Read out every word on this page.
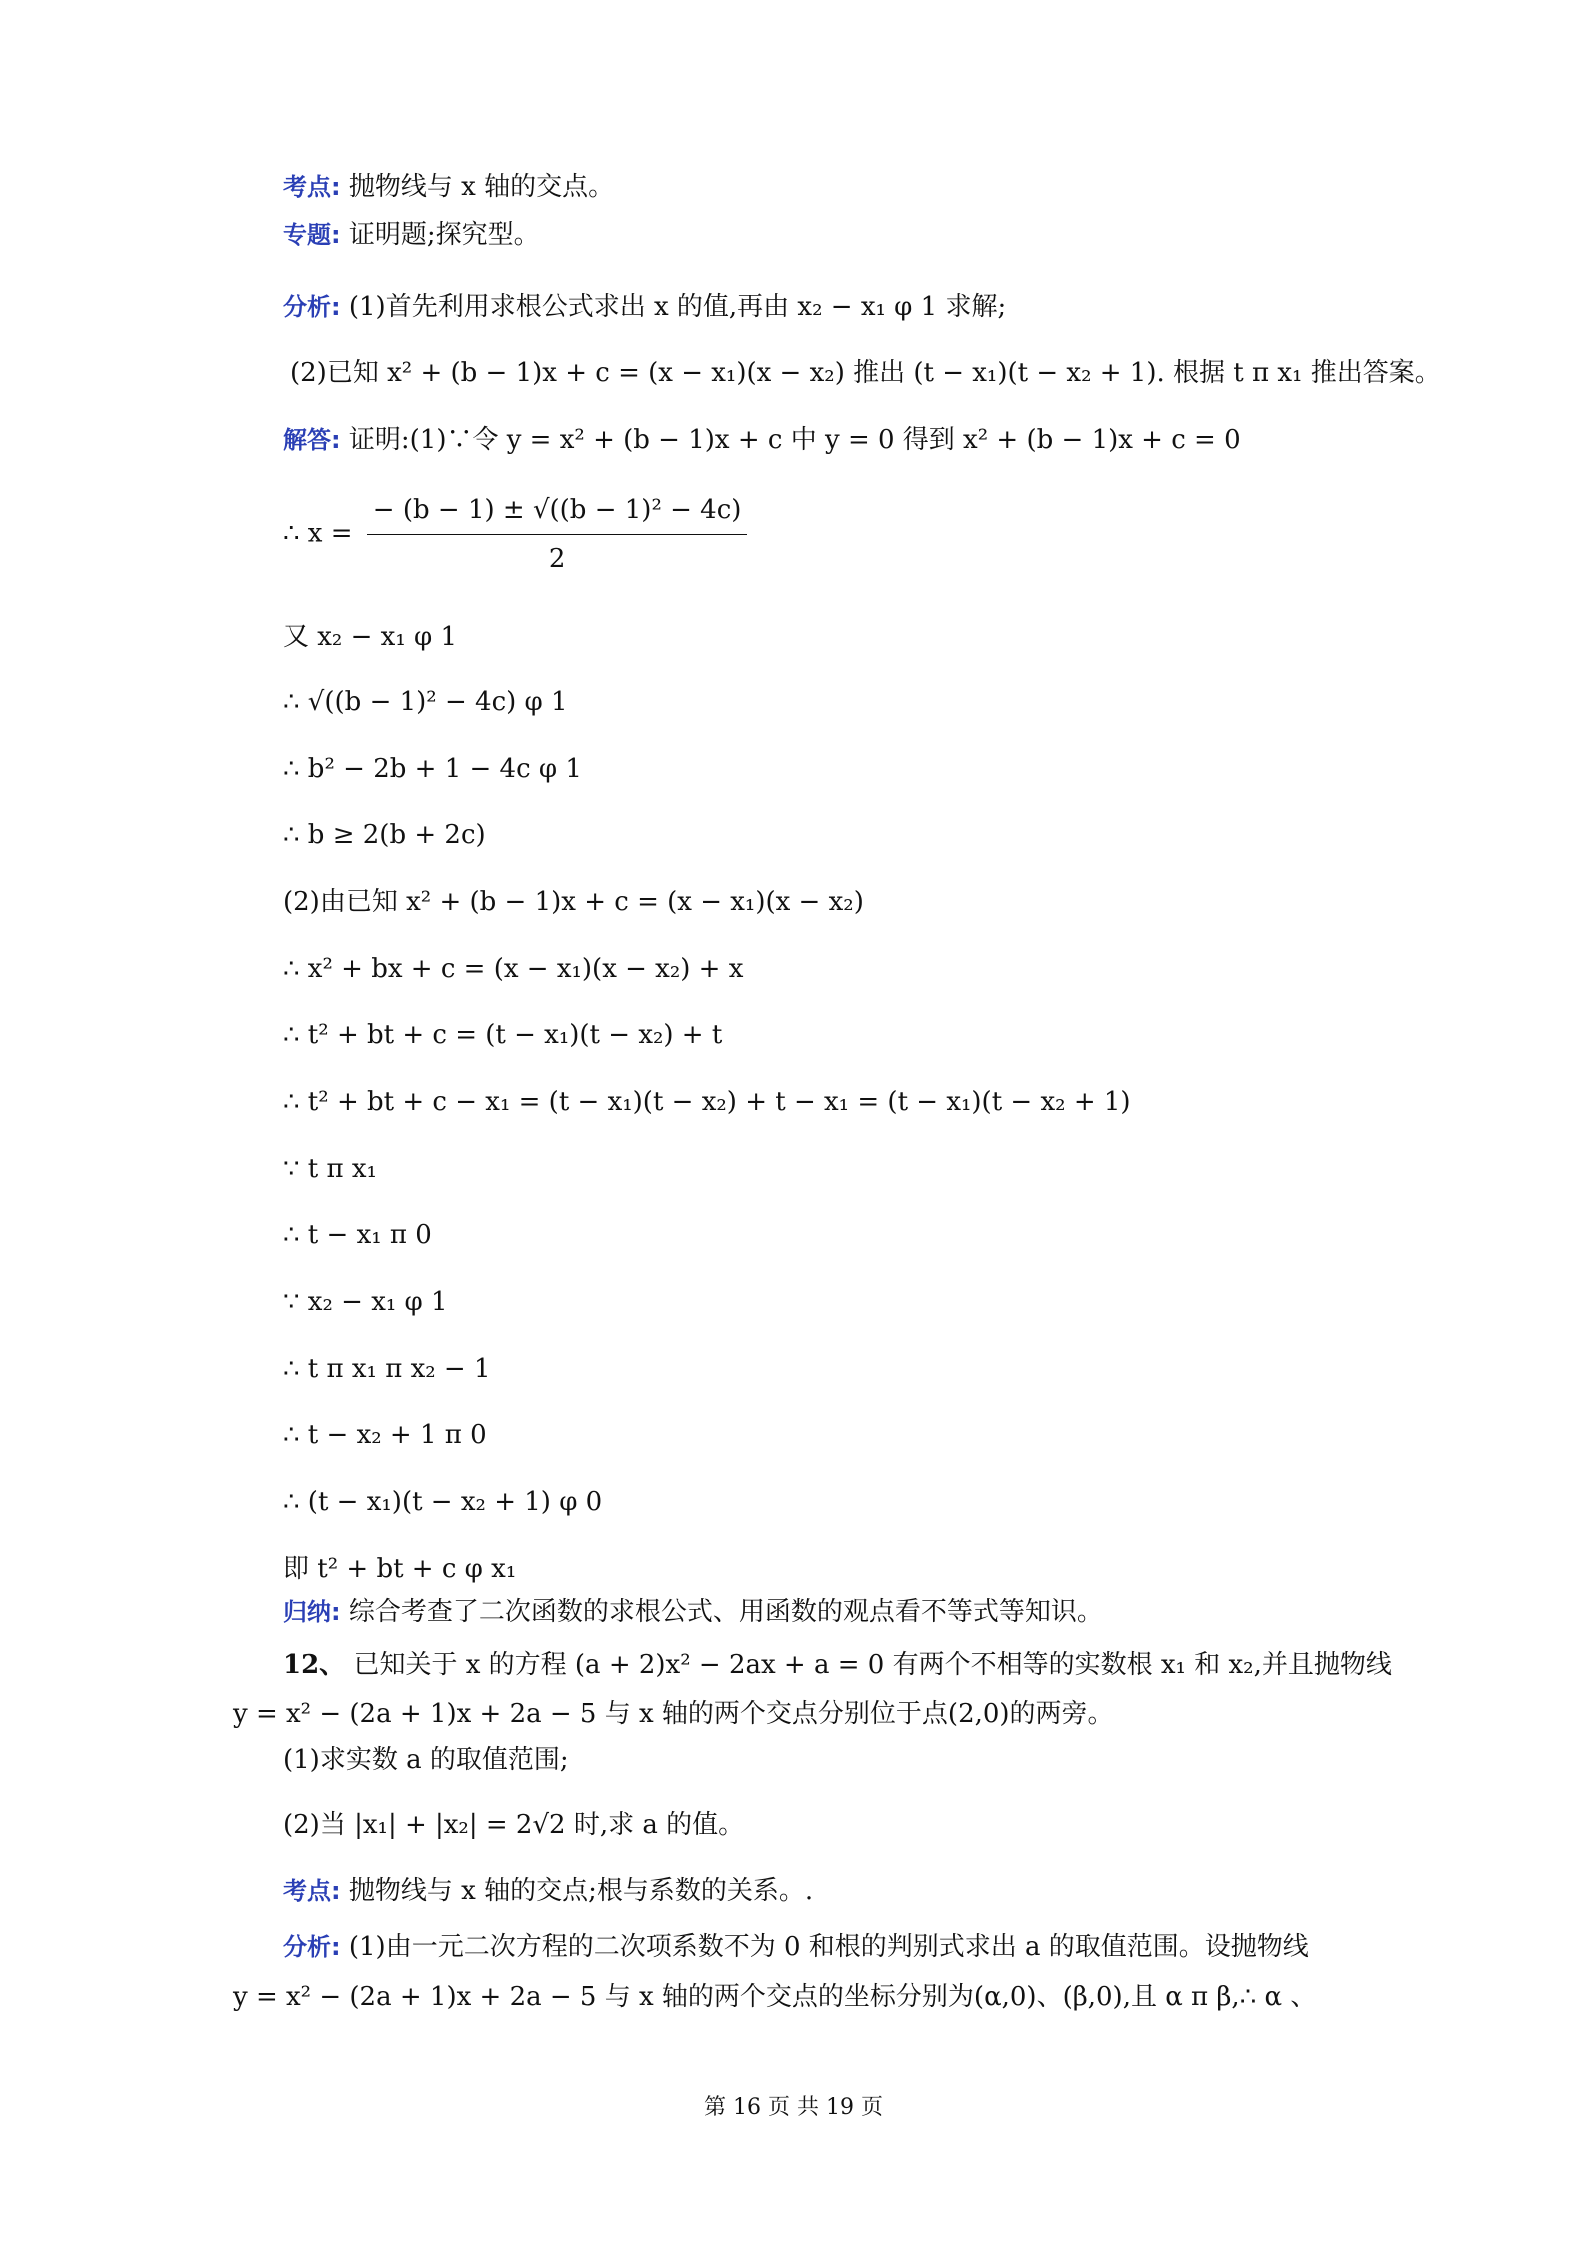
考点: 抛物线与 x 轴的交点。
专题: 证明题;探究型。
分析: (1)首先利用求根公式求出 x 的值,再由 x₂ − x₁ φ 1 求解;
(2)已知 x² + (b − 1)x + c = (x − x₁)(x − x₂) 推出 (t − x₁)(t − x₂ + 1). 根据 t π x₁ 推出答案。
解答: 证明:(1)∵令 y = x² + (b − 1)x + c 中 y = 0 得到 x² + (b − 1)x + c = 0
∴ $x = \frac{\text{− (b − 1) ± √((b − 1)² − 4c)}}{2}$
又 x₂ − x₁ φ 1
∴ √((b − 1)² − 4c) φ 1
∴ b² − 2b + 1 − 4c φ 1
∴ b ≥ 2(b + 2c)
(2)由已知 x² + (b − 1)x + c = (x − x₁)(x − x₂)
∴ x² + bx + c = (x − x₁)(x − x₂) + x
∴ t² + bt + c = (t − x₁)(t − x₂) + t
∴ t² + bt + c − x₁ = (t − x₁)(t − x₂) + t − x₁ = (t − x₁)(t − x₂ + 1)
∵ t π x₁
∴ t − x₁ π 0
∵ x₂ − x₁ φ 1
∴ t π x₁ π x₂ − 1
∴ t − x₂ + 1 π 0
∴ (t − x₁)(t − x₂ + 1) φ 0
即 t² + bt + c φ x₁
归纳: 综合考查了二次函数的求根公式、用函数的观点看不等式等知识。
12、 已知关于 x 的方程 (a + 2)x² − 2ax + a = 0 有两个不相等的实数根 x₁ 和 x₂,并且抛物线
y = x² − (2a + 1)x + 2a − 5 与 x 轴的两个交点分别位于点(2,0)的两旁。
(1)求实数 a 的取值范围;
(2)当 |x₁| + |x₂| = 2√2 时,求 a 的值。
考点: 抛物线与 x 轴的交点;根与系数的关系。.
分析: (1)由一元二次方程的二次项系数不为 0 和根的判别式求出 a 的取值范围。设抛物线
y = x² − (2a + 1)x + 2a − 5 与 x 轴的两个交点的坐标分别为(α,0)、(β,0),且 α π β,∴ α 、
第 16 页 共 19 页
